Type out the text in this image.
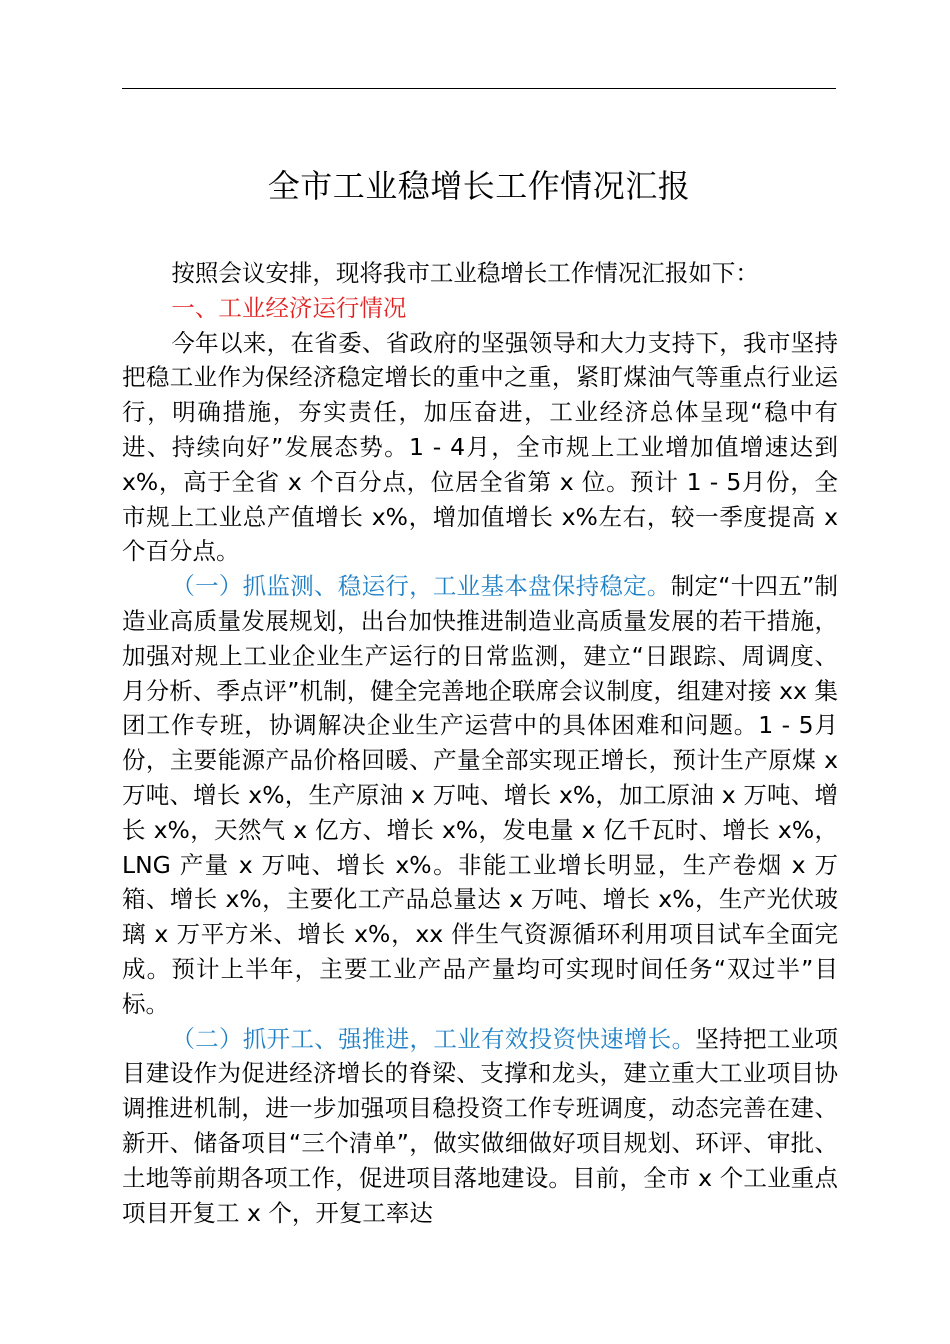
全市工业稳增长工作情况汇报

按照会议安排，现将我市工业稳增长工作情况汇报如下：

一、工业经济运行情况

今年以来，在省委、省政府的坚强领导和大力支持下，我市坚持把稳工业作为保经济稳定增长的重中之重，紧盯煤油气等重点行业运行，明确措施，夯实责任，加压奋进，工业经济总体呈现“稳中有进、持续向好”发展态势。1 - 4月，全市规上工业增加值增速达到 x%，高于全省 x 个百分点，位居全省第 x 位。预计 1 - 5月份，全市规上工业总产值增长 x%，增加值增长 x%左右，较一季度提高 x 个百分点。

（一）抓监测、稳运行，工业基本盘保持稳定。制定“十四五”制造业高质量发展规划，出台加快推进制造业高质量发展的若干措施，加强对规上工业企业生产运行的日常监测，建立“日跟踪、周调度、月分析、季点评”机制，健全完善地企联席会议制度，组建对接 xx 集团工作专班，协调解决企业生产运营中的具体困难和问题。1 - 5月份，主要能源产品价格回暖、产量全部实现正增长，预计生产原煤 x 万吨、增长 x%，生产原油 x 万吨、增长 x%，加工原油 x 万吨、增长 x%，天然气 x 亿方、增长 x%，发电量 x 亿千瓦时、增长 x%，LNG 产量 x 万吨、增长 x%。非能工业增长明显，生产卷烟 x 万箱、增长 x%，主要化工产品总量达 x 万吨、增长 x%，生产光伏玻璃 x 万平方米、增长 x%，xx 伴生气资源循环利用项目试车全面完成。预计上半年，主要工业产品产量均可实现时间任务“双过半”目标。

（二）抓开工、强推进，工业有效投资快速增长。坚持把工业项目建设作为促进经济增长的脊梁、支撑和龙头，建立重大工业项目协调推进机制，进一步加强项目稳投资工作专班调度，动态完善在建、新开、储备项目“三个清单”，做实做细做好项目规划、环评、审批、土地等前期各项工作，促进项目落地建设。目前，全市 x 个工业重点项目开复工 x 个，开复工率达
